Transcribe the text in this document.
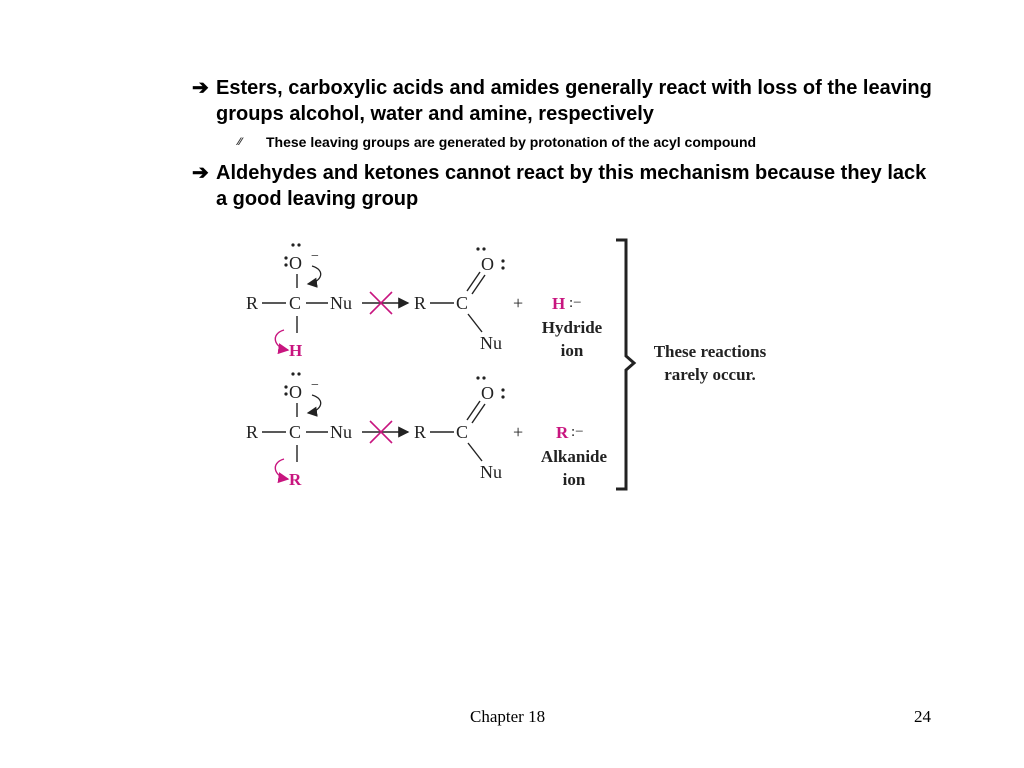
➔ Esters, carboxylic acids and amides generally react with loss of the leaving groups alcohol, water and amine, respectively
⁄⁄	These leaving groups are generated by protonation of the acyl compound
➔ Aldehydes and ketones cannot react by this mechanism because they lack a good leaving group
O −
R C Nu
H
R C
O
Nu
+ H :−
Hydride
ion
O −
R C Nu
R
R C
O
Nu
+ R :−
Alkanide
ion
These reactions
rarely occur.
Chapter 18	24
